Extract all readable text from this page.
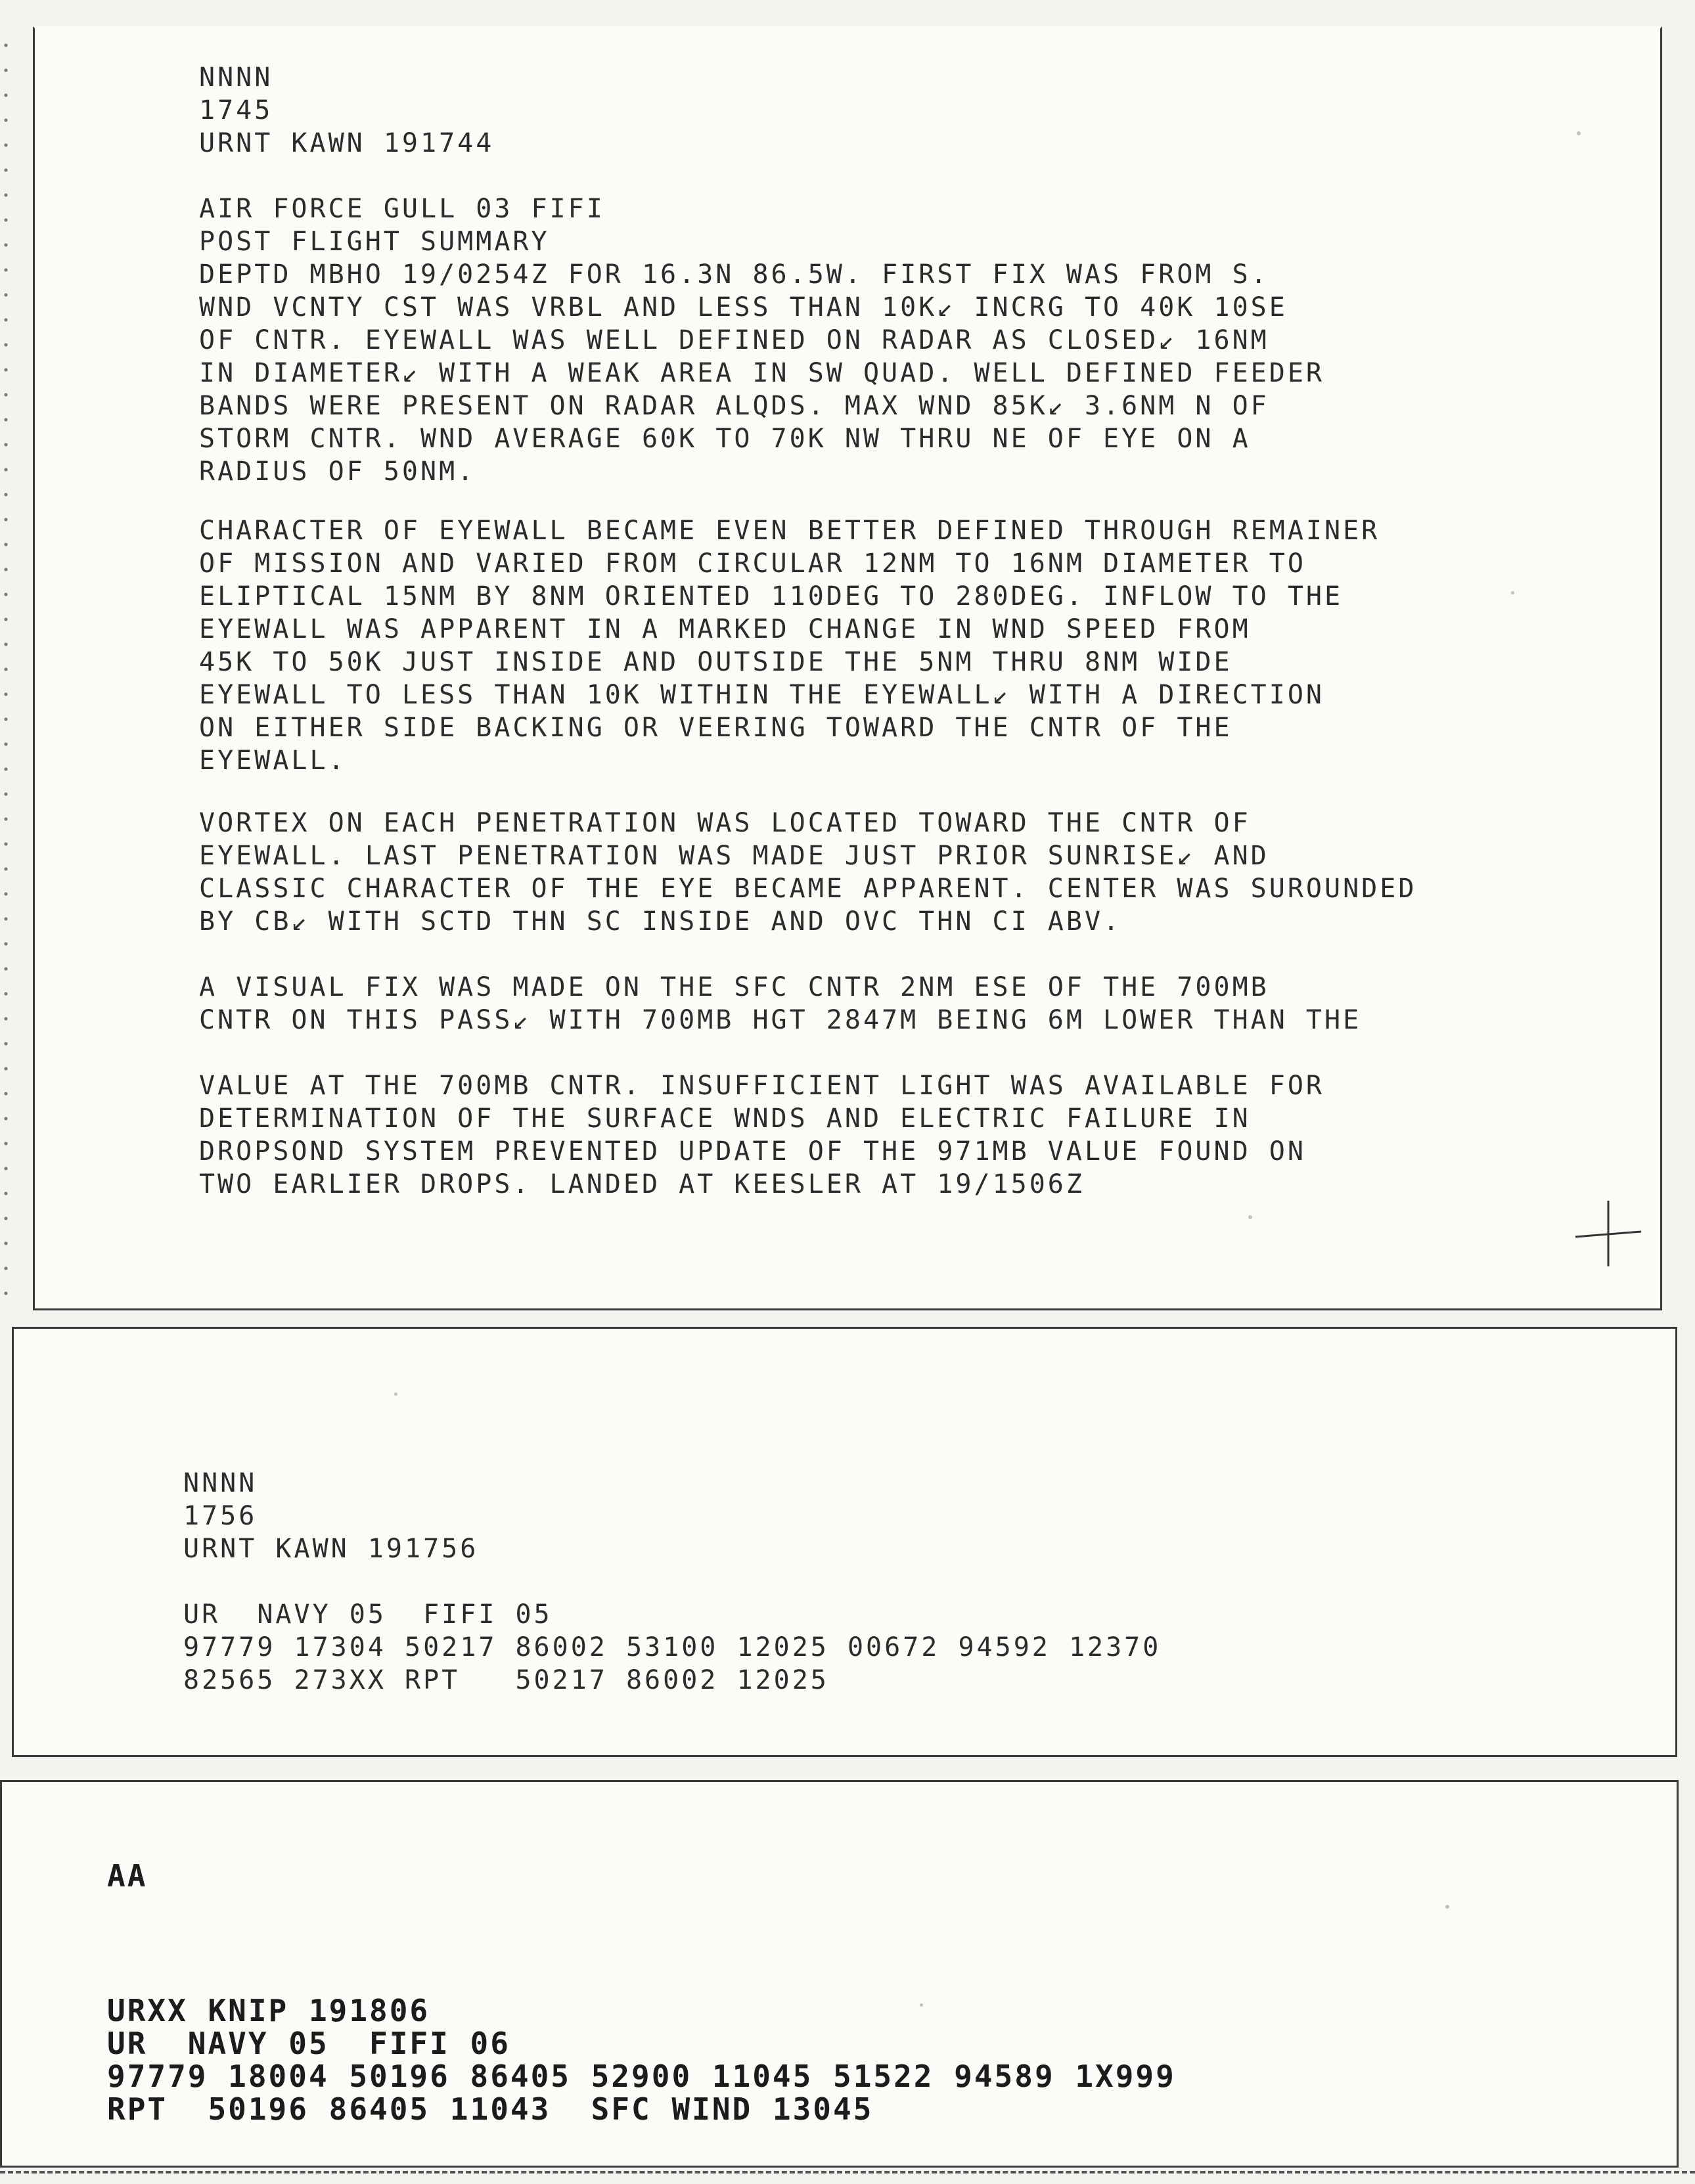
NNNN
1745
URNT KAWN 191744
AIR FORCE GULL 03 FIFI
POST FLIGHT SUMMARY
DEPTD MBHO 19/0254Z FOR 16.3N 86.5W. FIRST FIX WAS FROM S.
WND VCNTY CST WAS VRBL AND LESS THAN 10K↙ INCRG TO 40K 10SE
OF CNTR. EYEWALL WAS WELL DEFINED ON RADAR AS CLOSED↙ 16NM
IN DIAMETER↙ WITH A WEAK AREA IN SW QUAD. WELL DEFINED FEEDER
BANDS WERE PRESENT ON RADAR ALQDS. MAX WND 85K↙ 3.6NM N OF
STORM CNTR. WND AVERAGE 60K TO 70K NW THRU NE OF EYE ON A
RADIUS OF 50NM.
CHARACTER OF EYEWALL BECAME EVEN BETTER DEFINED THROUGH REMAINER
OF MISSION AND VARIED FROM CIRCULAR 12NM TO 16NM DIAMETER TO
ELIPTICAL 15NM BY 8NM ORIENTED 110DEG TO 280DEG. INFLOW TO THE
EYEWALL WAS APPARENT IN A MARKED CHANGE IN WND SPEED FROM
45K TO 50K JUST INSIDE AND OUTSIDE THE 5NM THRU 8NM WIDE
EYEWALL TO LESS THAN 10K WITHIN THE EYEWALL↙ WITH A DIRECTION
ON EITHER SIDE BACKING OR VEERING TOWARD THE CNTR OF THE
EYEWALL.
VORTEX ON EACH PENETRATION WAS LOCATED TOWARD THE CNTR OF
EYEWALL. LAST PENETRATION WAS MADE JUST PRIOR SUNRISE↙ AND
CLASSIC CHARACTER OF THE EYE BECAME APPARENT. CENTER WAS SUROUNDED
BY CB↙ WITH SCTD THN SC INSIDE AND OVC THN CI ABV.
A VISUAL FIX WAS MADE ON THE SFC CNTR 2NM ESE OF THE 700MB
CNTR ON THIS PASS↙ WITH 700MB HGT 2847M BEING 6M LOWER THAN THE
VALUE AT THE 700MB CNTR. INSUFFICIENT LIGHT WAS AVAILABLE FOR
DETERMINATION OF THE SURFACE WNDS AND ELECTRIC FAILURE IN
DROPSOND SYSTEM PREVENTED UPDATE OF THE 971MB VALUE FOUND ON
TWO EARLIER DROPS. LANDED AT KEESLER AT 19/1506Z
NNNN
1756
URNT KAWN 191756
UR  NAVY 05  FIFI 05
97779 17304 50217 86002 53100 12025 00672 94592 12370
82565 273XX RPT   50217 86002 12025
AA
URXX KNIP 191806
UR  NAVY 05  FIFI 06
97779 18004 50196 86405 52900 11045 51522 94589 1X999
RPT  50196 86405 11043  SFC WIND 13045
